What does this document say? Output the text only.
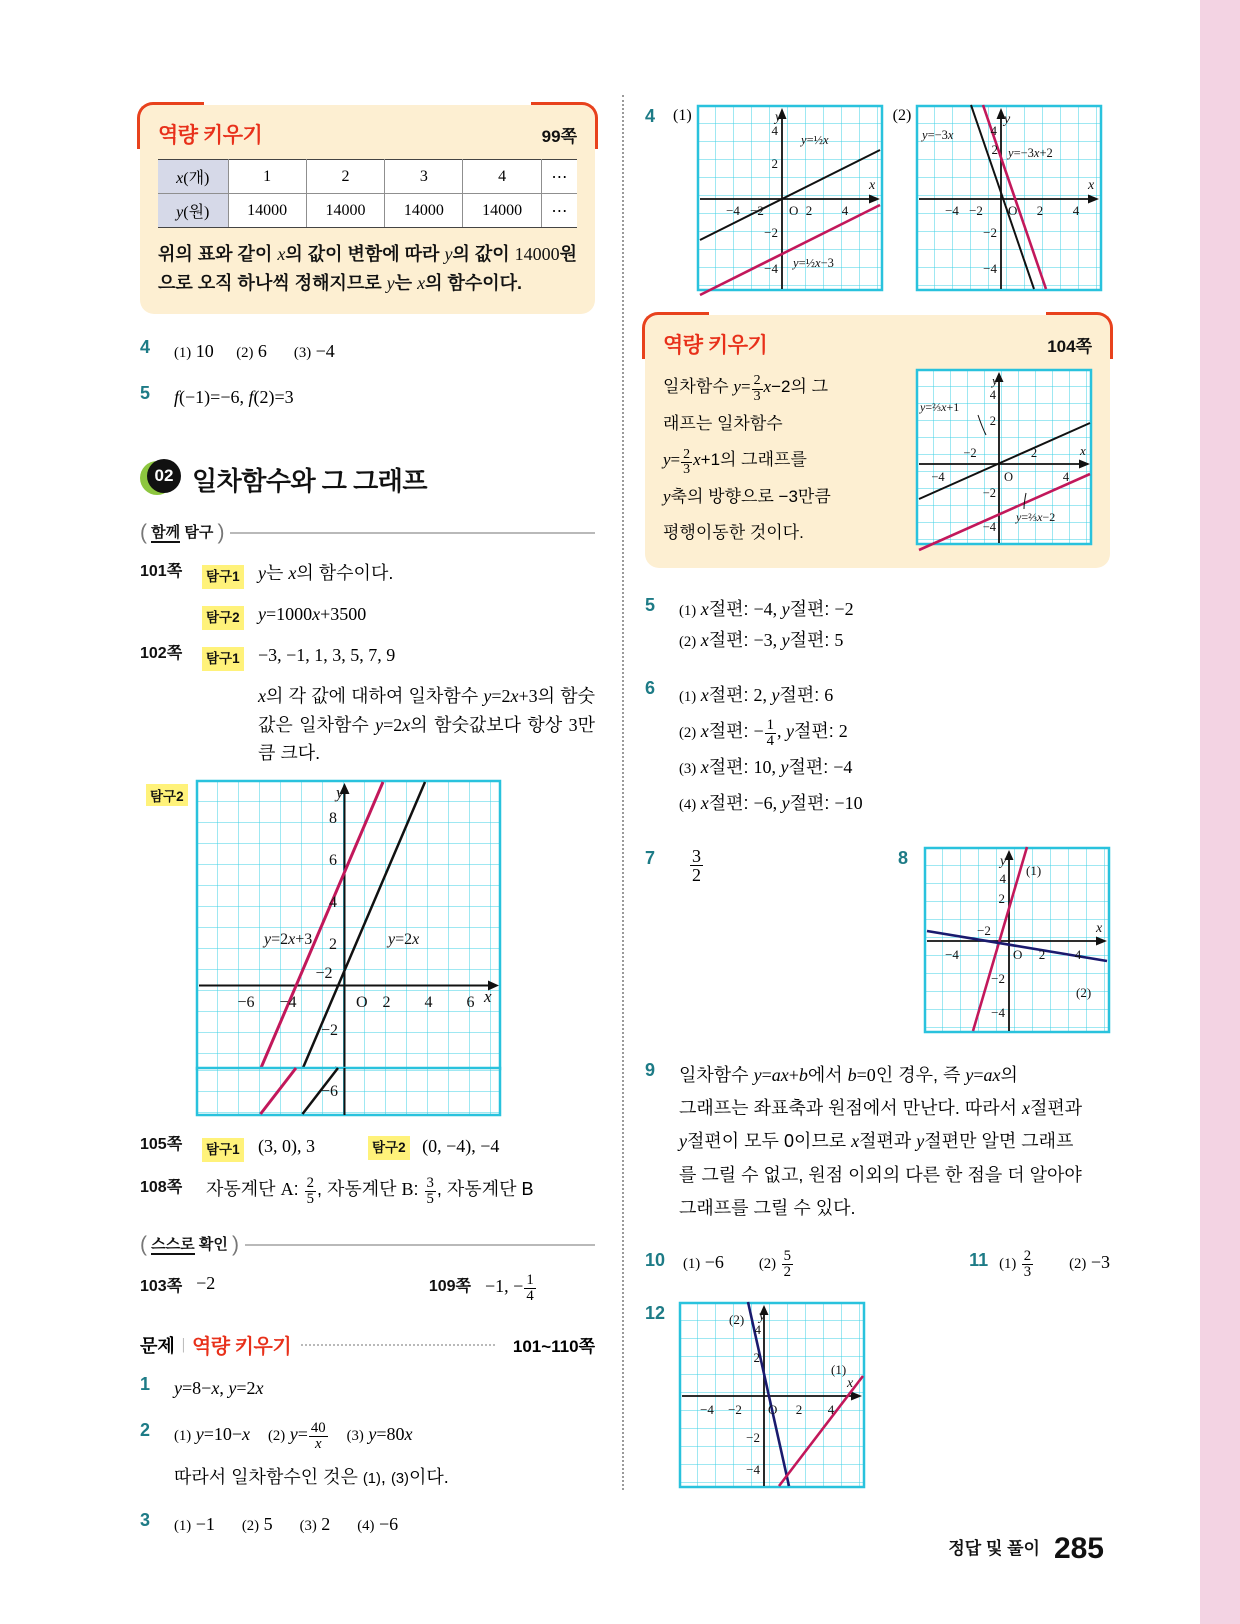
역량 키우기	99쪽
x(개)	1	2	3	4	⋯
y(원)	14000	14000	14000	14000	⋯
위의 표와 같이 x의 값이 변함에 따라 y의 값이 14000원
으로 오직 하나씩 정해지므로 y는 x의 함수이다.
4	(1) 10 (2) 6 (3) −4
5	f(−1)=−6, f(2)=3
02 일차함수와 그 그래프
( 함께 탐구 )
101쪽	탐구1	y는 x의 함수이다.
탐구2	y=1000x+3500
102쪽	탐구1	−3, −1, 1, 3, 5, 7, 9
x의 각 값에 대하여 일차함수 y=2x+3의 함숫값은 일차함수 y=2x의 함숫값보다 항상 3만큼 크다.
탐구2
−6 −4
−2
O 2 4 6
2
4
6
8
−2
x
y
y=2x+3	y=2x
−6
105쪽	탐구1	(3, 0), 3	탐구2 (0, −4), −4
108쪽	자동계단 A: $\frac{2}{5}$ , 자동계단 B: $\frac{3}{5}$ , 자동계단 B
( 스스로 확인 )
103쪽 −2	109쪽 −1, − $\frac{1}{4}$
문제 | 역량 키우기	101~110쪽
1	y=8−x, y=2x
2	(1) y=10−x (2) $y= \frac{40}{x} (3)$ y=80x
따라서 일차함수인 것은 (1), (3)이다.
3	(1) −1      (2) 5      (3) 2      (4) −6
4	(1)
−4 −2 O 2 4
2
4
−2
−4
x
y
y=½x
y=½x−3
(2)
−4 −2 O 2 4
2
4
−2
−4
x
y
y=−3x
y=−3x+2
역량 키우기	104쪽
일차함수 $y= \frac{2}{3} x-2$의 그
래프는 일차함수
$y= \frac{2}{3} x+1$의 그래프를
y축의 방향으로 −3만큼
평행이동한 것이다.
−4
−2
O
2
4
2
4
−2
−4
x
y
y=⅔x+1
y=⅔x−2
5	(1) x절편: −4, y절편: −2
(2) x절편: −3, y절편: 5
6	(1) x절편: 2, y절편: 6
(2) x절편: − $\frac{1}{4}$ , y절편: 2
(3) x절편: 10, y절편: −4
(4) x절편: −6, y절편: −10
7	$\frac{3}{2}$	8
−4
−2
O 2 4
2
4
−2
−4
x
y
(1)
(2)
9	일차함수 y=ax+b에서 b=0인 경우, 즉 y=ax의
그래프는 좌표축과 원점에서 만난다. 따라서 x절편과
y절편이 모두 0이므로 x절편과 y절편만 알면 그래프
를 그릴 수 없고, 원점 이외의 다른 한 점을 더 알아야
그래프를 그릴 수 있다.
10	(1) −6 $(2) \frac{5}{2}$	11 $(1) \frac{2}{3} (2) -3$
12
−4 −2 O 2 4
2
4
−2
−4
x
y
(2)
(1)
정답 및 풀이 285
